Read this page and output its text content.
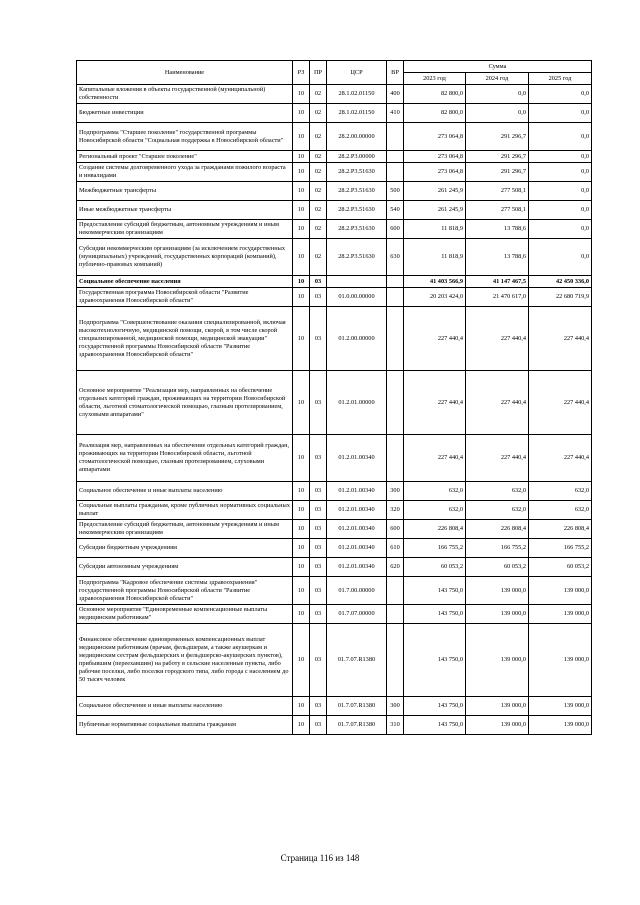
Наименование	РЗ	ПР	ЦСР	ВР	Сумма		
					2023 год	2024 год	2025 год
Капитальные вложения в объекты государственной (муниципальной) собственности	10	02	28.1.02.01150	400	82 800,0	0,0	0,0
Бюджетные инвестиции	10	02	28.1.02.01150	410	82 800,0	0,0	0,0
Подпрограмма "Старшее поколение" государственной программы Новосибирской области "Социальная поддержка в Новосибирской области"	10	02	28.2.00.00000		273 064,8	291 296,7	0,0
Региональный проект "Старшее поколение"	10	02	28.2.P3.00000		273 064,8	291 296,7	0,0
Создание системы долговременного ухода за гражданами пожилого возраста и инвалидами	10	02	28.2.P3.51630		273 064,8	291 296,7	0,0
Межбюджетные трансферты	10	02	28.2.P3.51630	500	261 245,9	277 508,1	0,0
Иные межбюджетные трансферты	10	02	28.2.P3.51630	540	261 245,9	277 508,1	0,0
Предоставление субсидий бюджетным, автономным учреждениям и иным некоммерческим организациям	10	02	28.2.P3.51630	600	11 818,9	13 788,6	0,0
Субсидии некоммерческим организациям (за исключением государственных (муниципальных) учреждений, государственных корпораций (компаний), публично-правовых компаний)	10	02	28.2.P3.51630	630	11 818,9	13 788,6	0,0
Социальное обеспечение населения	10	03			41 403 566,9	41 147 467,5	42 450 336,0
Государственная программа Новосибирской области "Развитие здравоохранения Новосибирской области"	10	03	01.0.00.00000		20 203 424,0	21 470 617,0	22 680 719,9
Подпрограмма "Совершенствование оказания специализированной, включая высокотехнологичную, медицинской помощи, скорой, в том числе скорой специализированной, медицинской помощи, медицинской эвакуации" государственной программы Новосибирской области "Развитие здравоохранения Новосибирской области"	10	03	01.2.00.00000		227 440,4	227 440,4	227 440,4
Основное мероприятие "Реализация мер, направленных на обеспечение отдельных категорий граждан, проживающих на территории Новосибирской области, льготной стоматологической помощью, глазным протезированием, слуховыми аппаратами"	10	03	01.2.01.00000		227 440,4	227 440,4	227 440,4
Реализация мер, направленных на обеспечение отдельных категорий граждан, проживающих на территории Новосибирской области, льготной стоматологической помощью, глазным протезированием, слуховыми аппаратами	10	03	01.2.01.00340		227 440,4	227 440,4	227 440,4
Социальное обеспечение и иные выплаты населению	10	03	01.2.01.00340	300	632,0	632,0	632,0
Социальные выплаты гражданам, кроме публичных нормативных социальных выплат	10	03	01.2.01.00340	320	632,0	632,0	632,0
Предоставление субсидий бюджетным, автономным учреждениям и иным некоммерческим организациям	10	03	01.2.01.00340	600	226 808,4	226 808,4	226 808,4
Субсидии бюджетным учреждениям	10	03	01.2.01.00340	610	166 755,2	166 755,2	166 755,2
Субсидии автономным учреждениям	10	03	01.2.01.00340	620	60 053,2	60 053,2	60 053,2
Подпрограмма "Кадровое обеспечение системы здравоохранения" государственной программы Новосибирской области "Развитие здравоохранения Новосибирской области"	10	03	01.7.00.00000		143 750,0	139 000,0	139 000,0
Основное мероприятие "Единовременные компенсационные выплаты медицинским работникам"	10	03	01.7.07.00000		143 750,0	139 000,0	139 000,0
Финансовое обеспечение единовременных компенсационных выплат медицинским работникам (врачам, фельдшерам, а также акушеркам и медицинским сестрам фельдшерских и фельдшерско-акушерских пунктов), прибывшим (переехавшим) на работу в сельские населенные пункты, либо рабочие поселки, либо поселки городского типа, либо города с населением до 50 тысяч человек	10	03	01.7.07.R1380		143 750,0	139 000,0	139 000,0
Социальное обеспечение и иные выплаты населению	10	03	01.7.07.R1380	300	143 750,0	139 000,0	139 000,0
Публичные нормативные социальные выплаты гражданам	10	03	01.7.07.R1380	310	143 750,0	139 000,0	139 000,0
Страница 116 из 148
